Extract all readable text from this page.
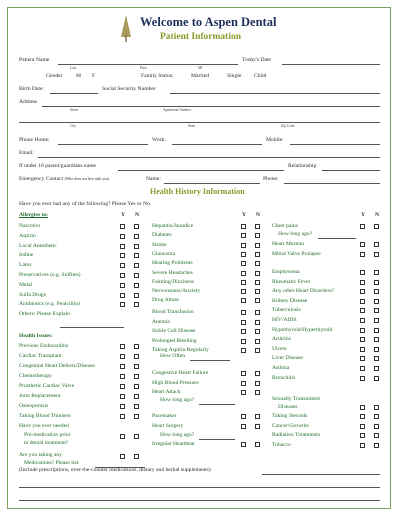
Welcome to Aspen Dental
Patient Information
Patient Name
Last	First	MI
Today's Date
Gender M F	Family Status:	Married	Single Child
Birth Date:	Social Security Number
Address
Street	Apartment Number
City	State	Zip Code
Phone Home:	Work:	Mobile:
Email:
If under 18 parent/guardians name	Relationship
Emergency Contact (Who does not live with you)	Name:	Phone:
Health History Information
Have you ever had any of the following? Please Yes or No.
Allergies to:	Y N	Y N	Y N
Narcotics
Aspirin
Local Anesthetic
Iodine
Latex
Preservatives (e.g. Sulfites)
Metal
Sulfa Drugs
Antibiotics (e.g. Penicillin)
Others: Please Explain
Previous Endocarditis
Cardiac Transplant
Congenital Heart Defects/Disease
Chemotherapy
Prosthetic Cardiac Valve
Joint Replacement
Osteoporosis
Taking Blood Thinners
Have you ever needed
Hepatitis/Jaundice
Diabetes
Stroke
Glaucoma
Hearing Problems
Severe Headaches
Fainting/Dizziness
Nervousness/Anxiety
Drug Abuse
Blood Transfusion
Anemia
Sickle Cell Disease
Prolonged Bleeding
Taking Aspirin Regularly
How Often
Congestive Heart Failure
High Blood Pressure
Heart Attack
How long ago?
Pacemaker
Heart Surgery
How long ago?
Irregular Heartbeat
Chest pains
How long ago?
Heart Murmur
Mitral Valve Prolapse
Emphysema
Rheumatic Fever
Any other Heart Disorders?
Kidney Disease
Tuberculosis
HIV/AIDS
Hypothyroid/Hyperthyroid
Arthritis
Ulcers
Liver Disease
Asthma
Bronchitis
Sexually Transmitted
Diseases
Taking Steroids
Cancer/Growths
Radiation Treatments
Tobacco
Health Issues:
Pre-medication prior
to dental treatment?
Are you taking any
Medications? Please list:
(Include prescriptions, over-the-counter medications, dietary and herbal supplements)
